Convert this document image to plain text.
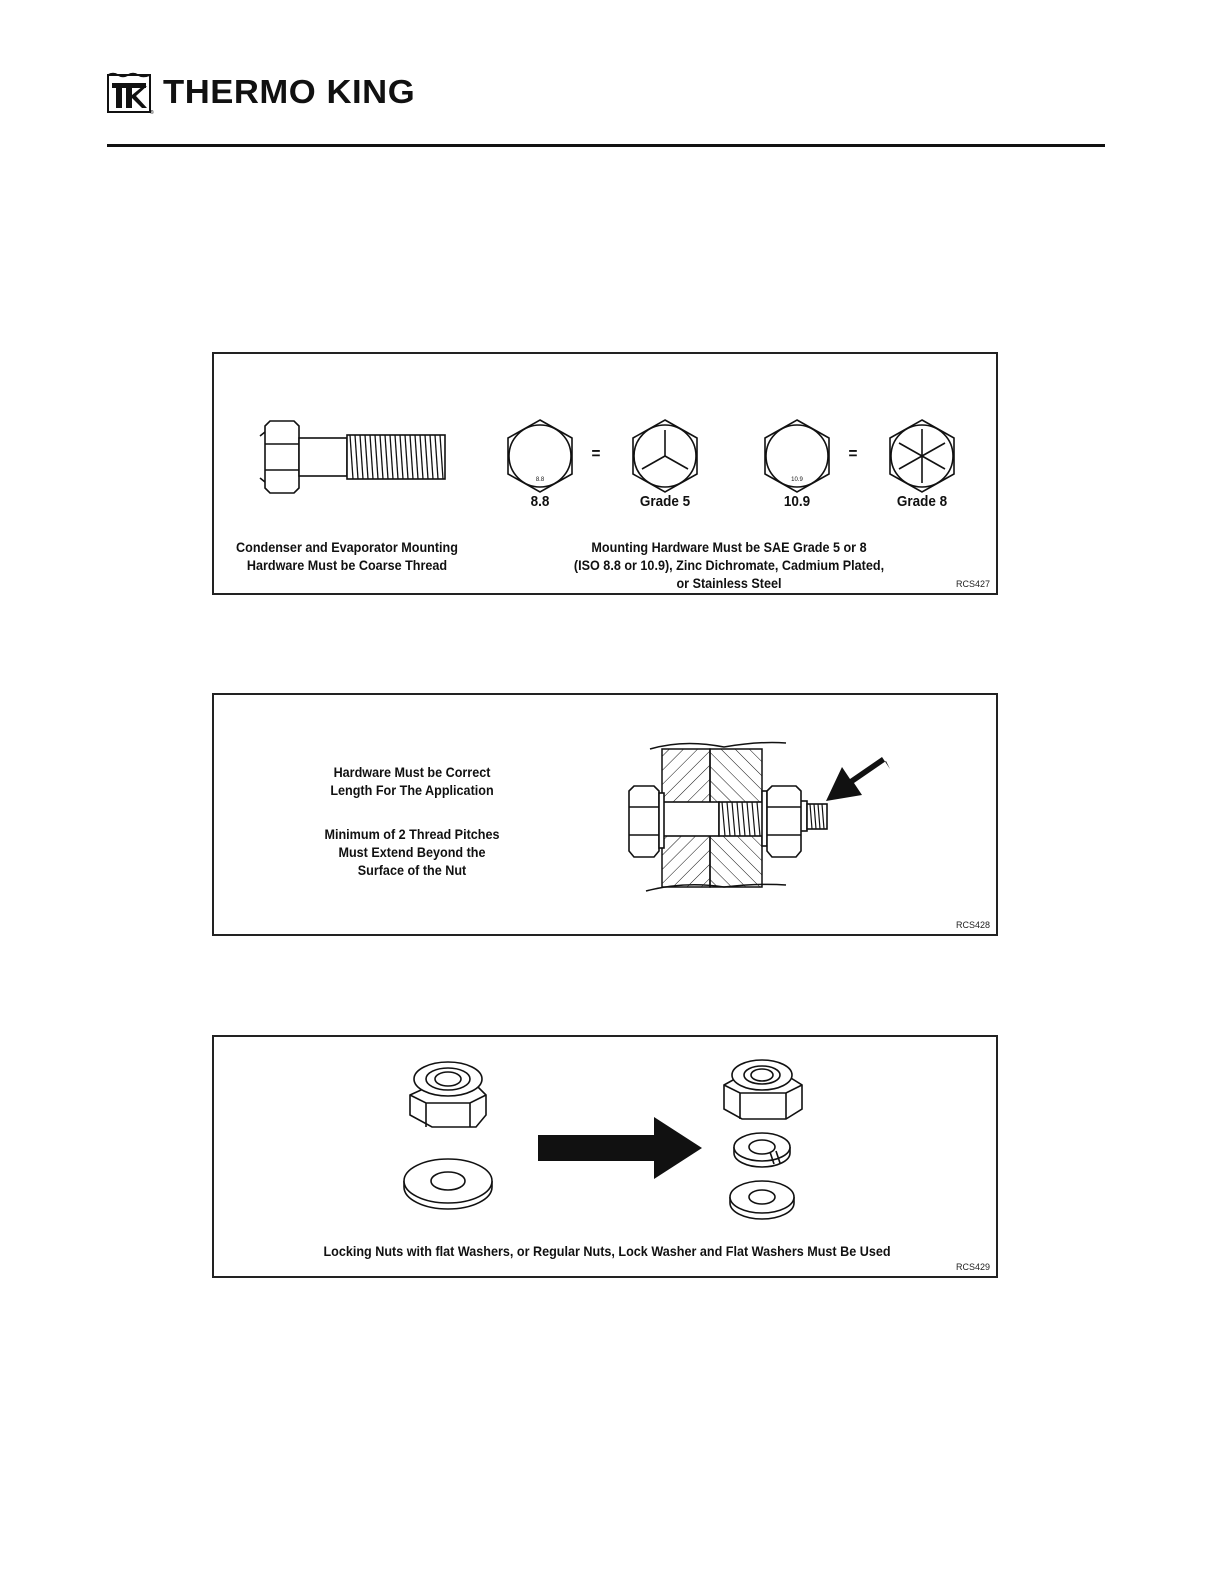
®
THERMO KING
8.8	10.9
=	=
8.8	Grade 5	10.9	Grade 8
Condenser and Evaporator Mounting
Hardware Must be Coarse Thread
Mounting Hardware Must be SAE Grade 5 or 8
(ISO 8.8 or 10.9), Zinc Dichromate, Cadmium Plated,
or Stainless Steel	RCS427
Hardware Must be Correct
Length For The Application
Minimum of 2 Thread Pitches
Must Extend Beyond the
Surface of the Nut
RCS428
Locking Nuts with flat Washers, or Regular Nuts, Lock Washer and Flat Washers Must Be Used
RCS429
